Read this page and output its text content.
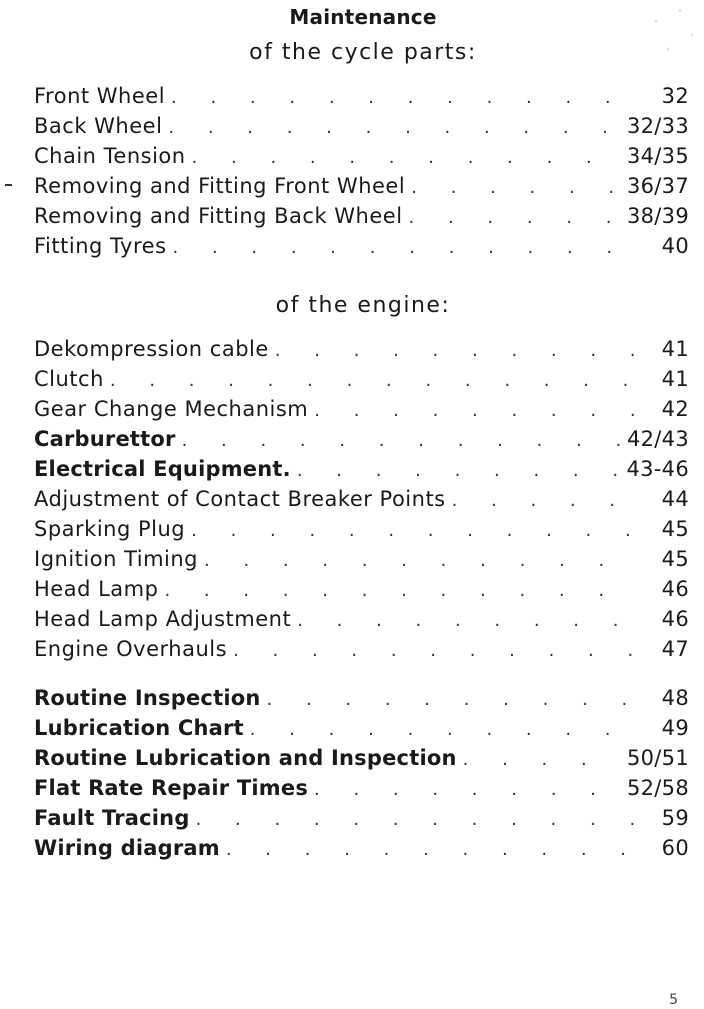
Maintenance
of the cycle parts:
Front Wheel . . .	32
Back Wheel . . .	32/33
Chain Tension . . .	34/35
Removing and Fitting Front Wheel . . .	36/37
Removing and Fitting Back Wheel . . .	38/39
Fitting Tyres . . .	40
of the engine:
Dekompression cable . . .	41
Clutch . . .	41
Gear Change Mechanism . . .	42
Carburettor . . .	42/43
Electrical Equipment. . . .	43-46
Adjustment of Contact Breaker Points . . .	44
Sparking Plug . . .	45
Ignition Timing . . .	45
Head Lamp . . .	46
Head Lamp Adjustment . . .	46
Engine Overhauls . . .	47
Routine Inspection . . .	48
Lubrication Chart . . .	49
Routine Lubrication and Inspection . . .	50/51
Flat Rate Repair Times . . .	52/58
Fault Tracing . . .	59
Wiring diagram . . .	60
5
